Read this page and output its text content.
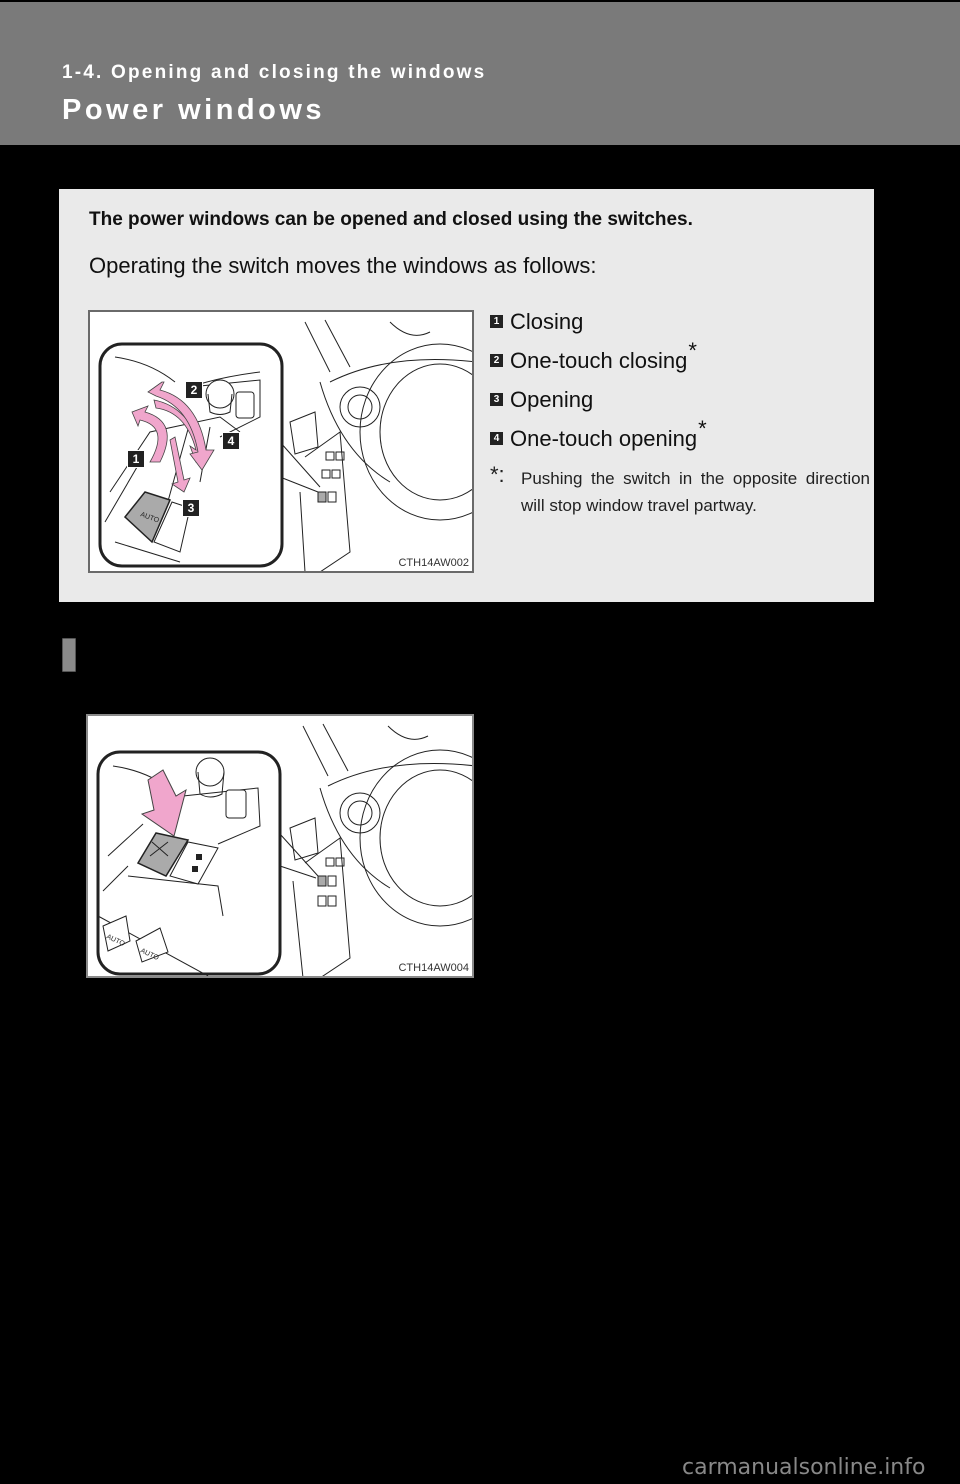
1-4. Opening and closing the windows
Power windows
The power windows can be opened and closed using the switches.
Operating the switch moves the windows as follows:
AUTO
1
2
3
4
CTH14AW002
1 Closing
2 One-touch closing *
3 Opening
4 One-touch opening *
*: Pushing the switch in the opposite direction will stop window travel partway.
AUTO
AUTO
CTH14AW004
carmanualsonline.info
